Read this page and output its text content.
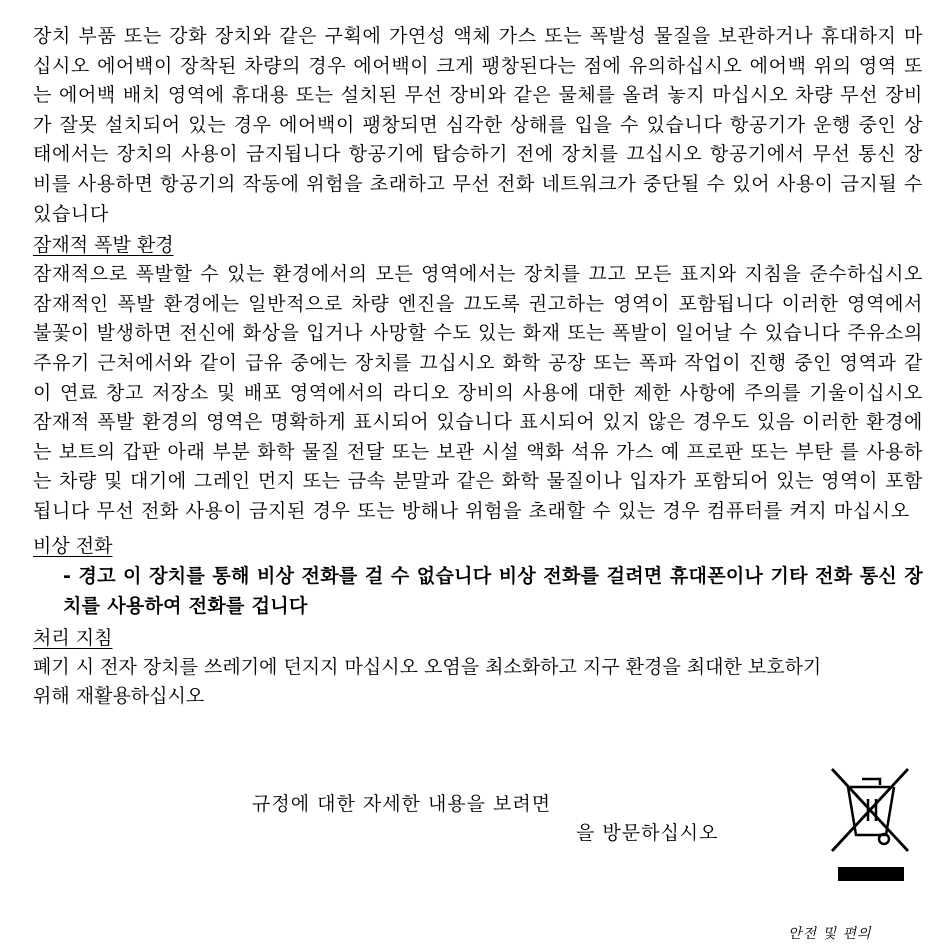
장치 부품 또는 강화 장치와 같은 구획에 가연성 액체 가스 또는 폭발성 물질을 보관하거나 휴대하지 마십시오 에어백이 장착된 차량의 경우 에어백이 크게 팽창된다는 점에 유의하십시오 에어백 위의 영역 또는 에어백 배치 영역에 휴대용 또는 설치된 무선 장비와 같은 물체를 올려 놓지 마십시오 차량 무선 장비가 잘못 설치되어 있는 경우 에어백이 팽창되면 심각한 상해를 입을 수 있습니다 항공기가 운행 중인 상태에서는 장치의 사용이 금지됩니다 항공기에 탑승하기 전에 장치를 끄십시오 항공기에서 무선 통신 장비를 사용하면 항공기의 작동에 위험을 초래하고 무선 전화 네트워크가 중단될 수 있어 사용이 금지될 수 있습니다

잠재적 폭발 환경

잠재적으로 폭발할 수 있는 환경에서의 모든 영역에서는 장치를 끄고 모든 표지와 지침을 준수하십시오 잠재적인 폭발 환경에는 일반적으로 차량 엔진을 끄도록 권고하는 영역이 포함됩니다 이러한 영역에서 불꽃이 발생하면 전신에 화상을 입거나 사망할 수도 있는 화재 또는 폭발이 일어날 수 있습니다 주유소의 주유기 근처에서와 같이 급유 중에는 장치를 끄십시오 화학 공장 또는 폭파 작업이 진행 중인 영역과 같이 연료 창고 저장소 및 배포 영역에서의 라디오 장비의 사용에 대한 제한 사항에 주의를 기울이십시오 잠재적 폭발 환경의 영역은 명확하게 표시되어 있습니다 표시되어 있지 않은 경우도 있음 이러한 환경에는 보트의 갑판 아래 부분 화학 물질 전달 또는 보관 시설 액화 석유 가스 예 프로판 또는 부탄 를 사용하는 차량 및 대기에 그레인 먼지 또는 금속 분말과 같은 화학 물질이나 입자가 포함되어 있는 영역이 포함됩니다 무선 전화 사용이 금지된 경우 또는 방해나 위험을 초래할 수 있는 경우 컴퓨터를 켜지 마십시오

비상 전화

- 경고 이 장치를 통해 비상 전화를 걸 수 없습니다 비상 전화를 걸려면 휴대폰이나 기타 전화 통신 장치를 사용하여 전화를 겁니다

처리 지침

폐기 시 전자 장치를 쓰레기에 던지지 마십시오 오염을 최소화하고 지구 환경을 최대한 보호하기 위해 재활용하십시오

규정에 대한 자세한 내용을 보려면
을 방문하십시오
안전 및 편의
